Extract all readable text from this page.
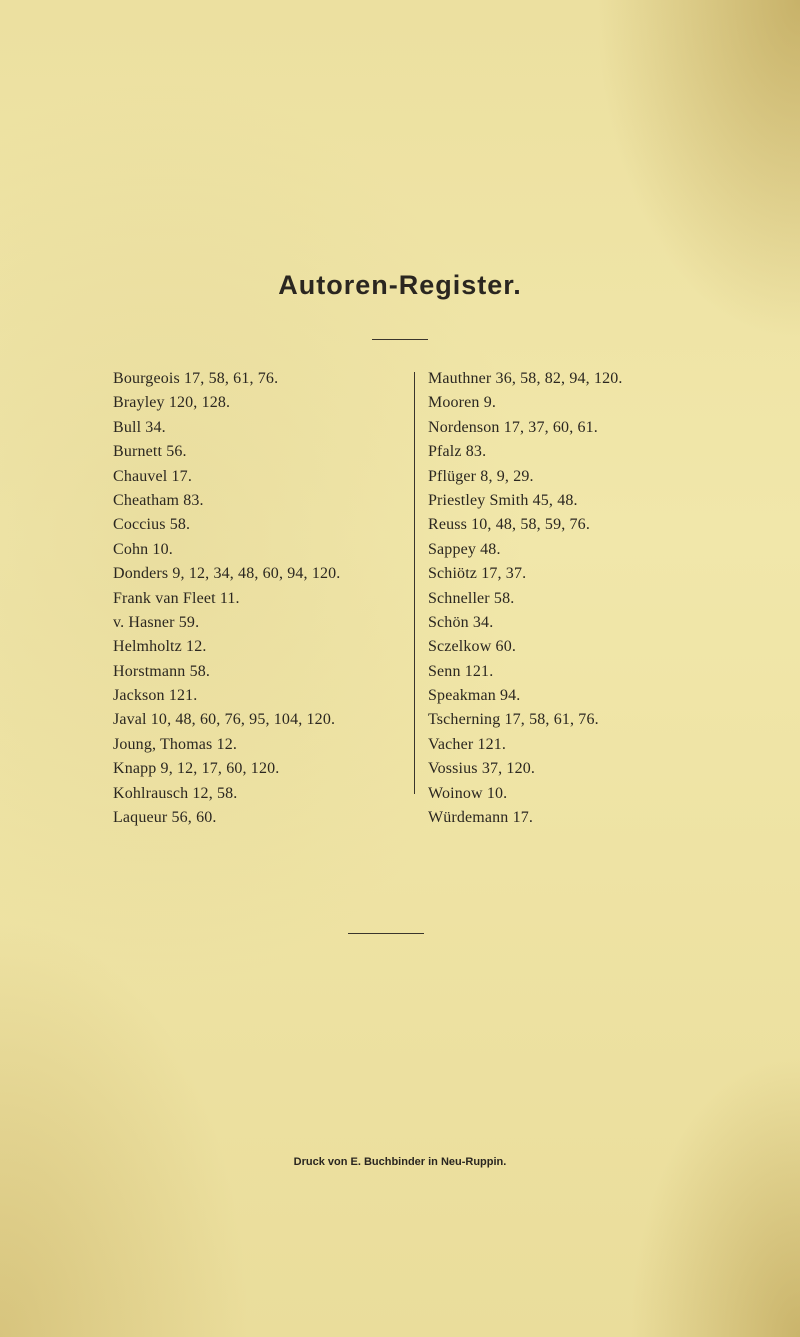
Autoren-Register.
Bourgeois 17, 58, 61, 76.
Brayley 120, 128.
Bull 34.
Burnett 56.
Chauvel 17.
Cheatham 83.
Coccius 58.
Cohn 10.
Donders 9, 12, 34, 48, 60, 94, 120.
Frank van Fleet 11.
v. Hasner 59.
Helmholtz 12.
Horstmann 58.
Jackson 121.
Javal 10, 48, 60, 76, 95, 104, 120.
Joung, Thomas 12.
Knapp 9, 12, 17, 60, 120.
Kohlrausch 12, 58.
Laqueur 56, 60.
Mauthner 36, 58, 82, 94, 120.
Mooren 9.
Nordenson 17, 37, 60, 61.
Pfalz 83.
Pflüger 8, 9, 29.
Priestley Smith 45, 48.
Reuss 10, 48, 58, 59, 76.
Sappey 48.
Schiötz 17, 37.
Schneller 58.
Schön 34.
Sczelkow 60.
Senn 121.
Speakman 94.
Tscherning 17, 58, 61, 76.
Vacher 121.
Vossius 37, 120.
Woinow 10.
Würdemann 17.

Druck von E. Buchbinder in Neu-Ruppin.
